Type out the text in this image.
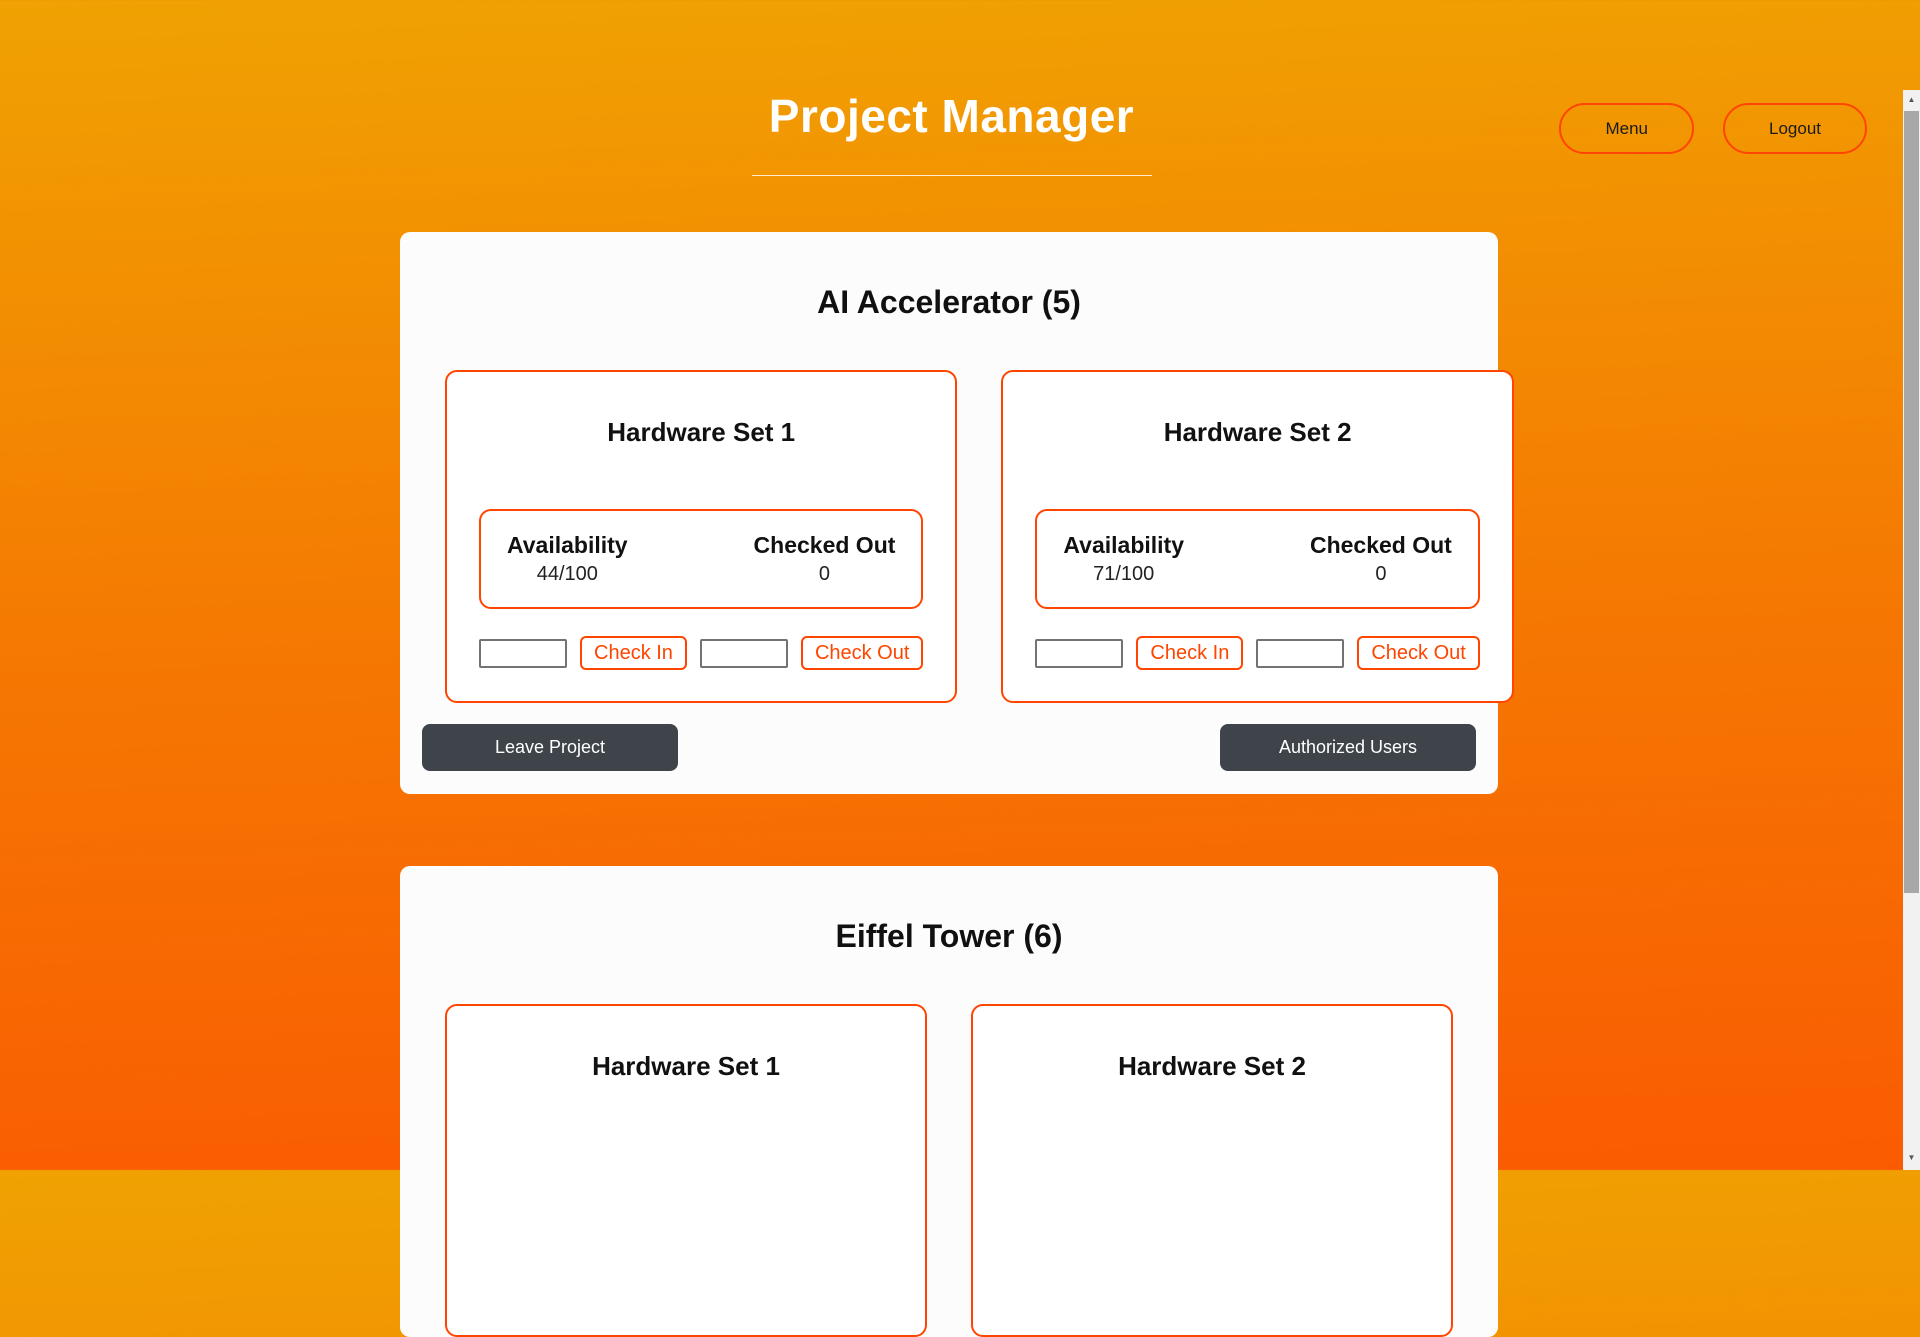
▲
▼
Menu	Logout
Project Manager
AI Accelerator (5)
Hardware Set 1
Availability
44/100
Checked Out
0
Check In	Check Out
Hardware Set 2
Availability
71/100
Checked Out
0
Check In	Check Out
Leave Project	Authorized Users
Eiffel Tower (6)
Hardware Set 1	Hardware Set 2
